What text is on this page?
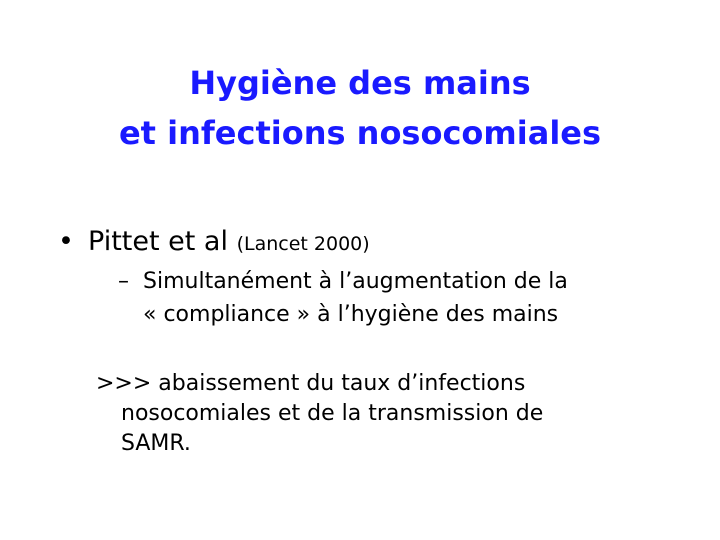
Hygiène des mains
et infections nosocomiales
• Pittet et al (Lancet 2000)
– Simultanément à l’augmentation de la
« compliance » à l’hygiène des mains
>>> abaissement du taux d’infections
nosocomiales et de la transmission de
SAMR.
